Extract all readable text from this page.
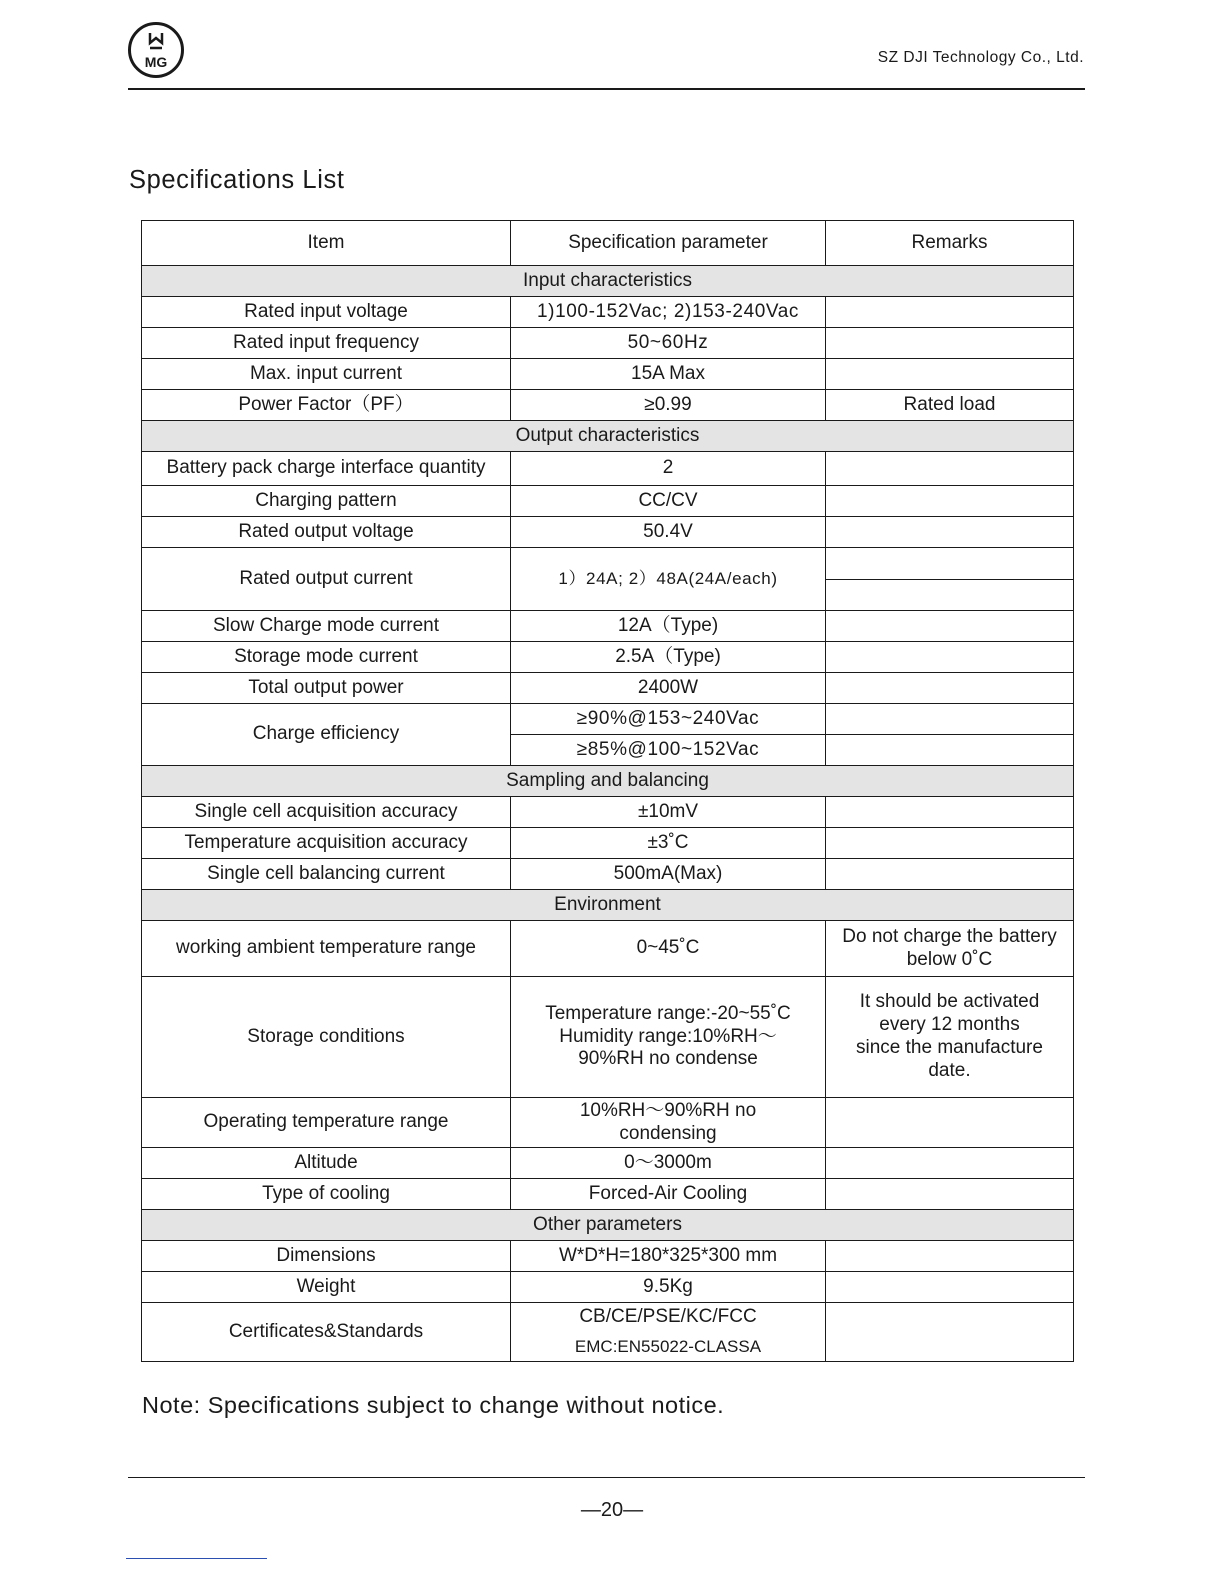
MG	SZ DJI Technology Co., Ltd.
Specifications List
Item	Specification parameter	Remarks
Input characteristics		
Rated input voltage	1)100-152Vac; 2)153-240Vac	
Rated input frequency	50~60Hz	
Max. input current	15A Max	
Power Factor（PF）	≥0.99	Rated load
Output characteristics		
Battery pack charge interface quantity	2	
Charging pattern	CC/CV	
Rated output voltage	50.4V	
Rated output current	1）24A; 2）48A(24A/each)	

Slow Charge mode current	12A（Type)	
Storage mode current	2.5A（Type)	
Total output power	2400W	
Charge efficiency	≥90%@153~240Vac	
	≥85%@100~152Vac	
Sampling and balancing		
Single cell acquisition accuracy	±10mV	
Temperature acquisition accuracy	±3˚C	
Single cell balancing current	500mA(Max)	
Environment		
working ambient temperature range	0~45˚C	Do not charge the battery below 0˚C
Storage conditions	Temperature range:-20~55˚C Humidity range:10%RH～ 90%RH no condense	It should be activated every 12 months since the manufacture date.
Operating temperature range	10%RH～90%RH no condensing	
Altitude	0～3000m	
Type of cooling	Forced-Air Cooling	
Other parameters		
Dimensions	W*D*H=180*325*300 mm	
Weight	9.5Kg	
Certificates&Standards	CB/CE/PSE/KC/FCC
EMC:EN55022-CLASSA	

Note: Specifications subject to change without notice.
—20—
